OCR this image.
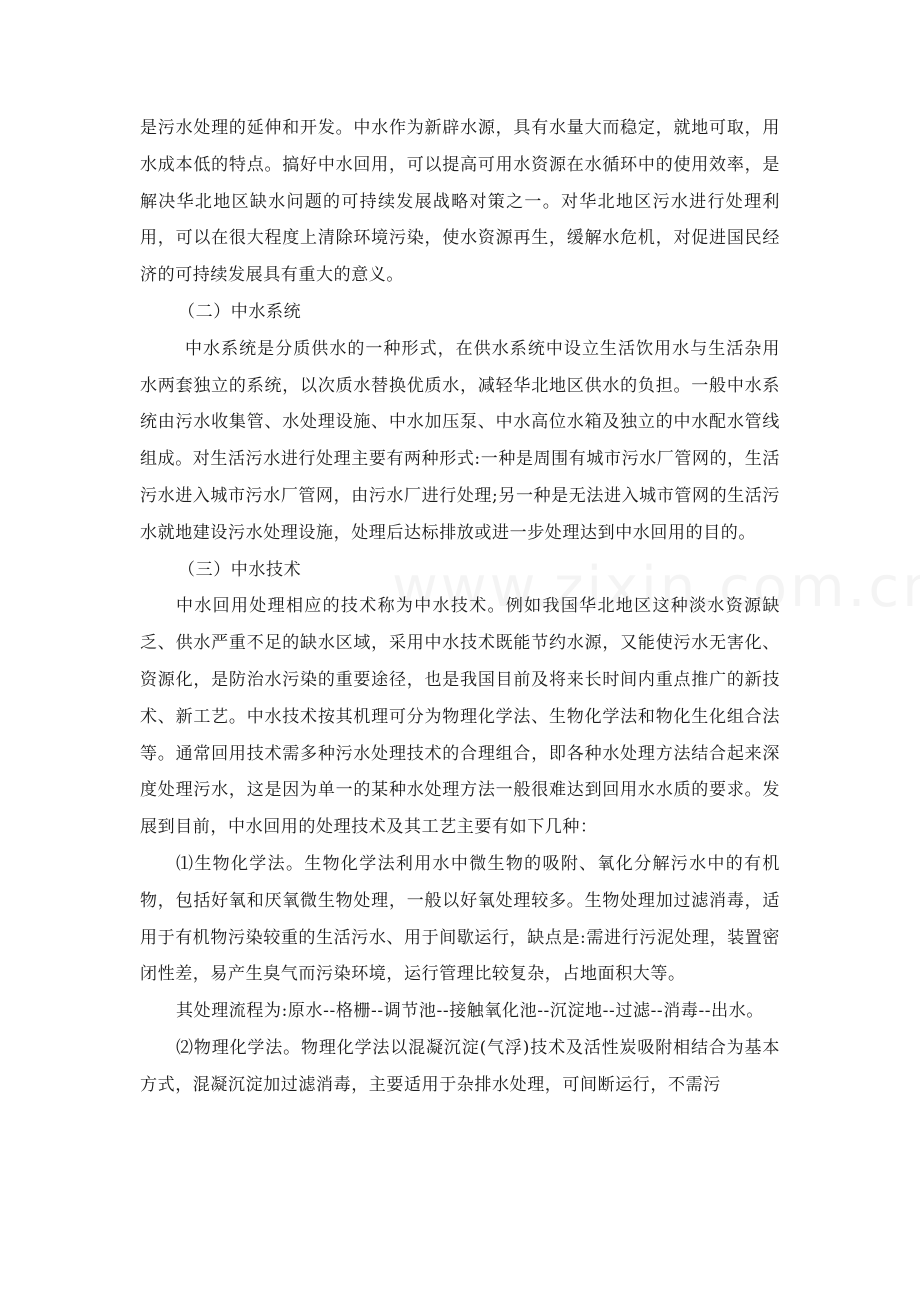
是污水处理的延伸和开发。中水作为新辟水源，具有水量大而稳定，就地可取，用水成本低的特点。搞好中水回用，可以提高可用水资源在水循环中的使用效率，是解决华北地区缺水问题的可持续发展战略对策之一。对华北地区污水进行处理利用，可以在很大程度上清除环境污染，使水资源再生，缓解水危机，对促进国民经济的可持续发展具有重大的意义。

（二）中水系统

中水系统是分质供水的一种形式，在供水系统中设立生活饮用水与生活杂用水两套独立的系统，以次质水替换优质水，减轻华北地区供水的负担。一般中水系统由污水收集管、水处理设施、中水加压泵、中水高位水箱及独立的中水配水管线组成。对生活污水进行处理主要有两种形式:一种是周围有城市污水厂管网的，生活污水进入城市污水厂管网，由污水厂进行处理;另一种是无法进入城市管网的生活污水就地建设污水处理设施，处理后达标排放或进一步处理达到中水回用的目的。

（三）中水技术

中水回用处理相应的技术称为中水技术。例如我国华北地区这种淡水资源缺乏、供水严重不足的缺水区域，采用中水技术既能节约水源，又能使污水无害化、资源化，是防治水污染的重要途径，也是我国目前及将来长时间内重点推广的新技术、新工艺。中水技术按其机理可分为物理化学法、生物化学法和物化生化组合法等。通常回用技术需多种污水处理技术的合理组合，即各种水处理方法结合起来深度处理污水，这是因为单一的某种水处理方法一般很难达到回用水水质的要求。发展到目前，中水回用的处理技术及其工艺主要有如下几种：

⑴生物化学法。生物化学法利用水中微生物的吸附、氧化分解污水中的有机物，包括好氧和厌氧微生物处理，一般以好氧处理较多。生物处理加过滤消毒，适用于有机物污染较重的生活污水、用于间歇运行，缺点是:需进行污泥处理，装置密闭性差，易产生臭气而污染环境，运行管理比较复杂，占地面积大等。

其处理流程为:原水--格栅--调节池--接触氧化池--沉淀地--过滤--消毒--出水。

⑵物理化学法。物理化学法以混凝沉淀(气浮)技术及活性炭吸附相结合为基本方式，混凝沉淀加过滤消毒，主要适用于杂排水处理，可间断运行，不需污
